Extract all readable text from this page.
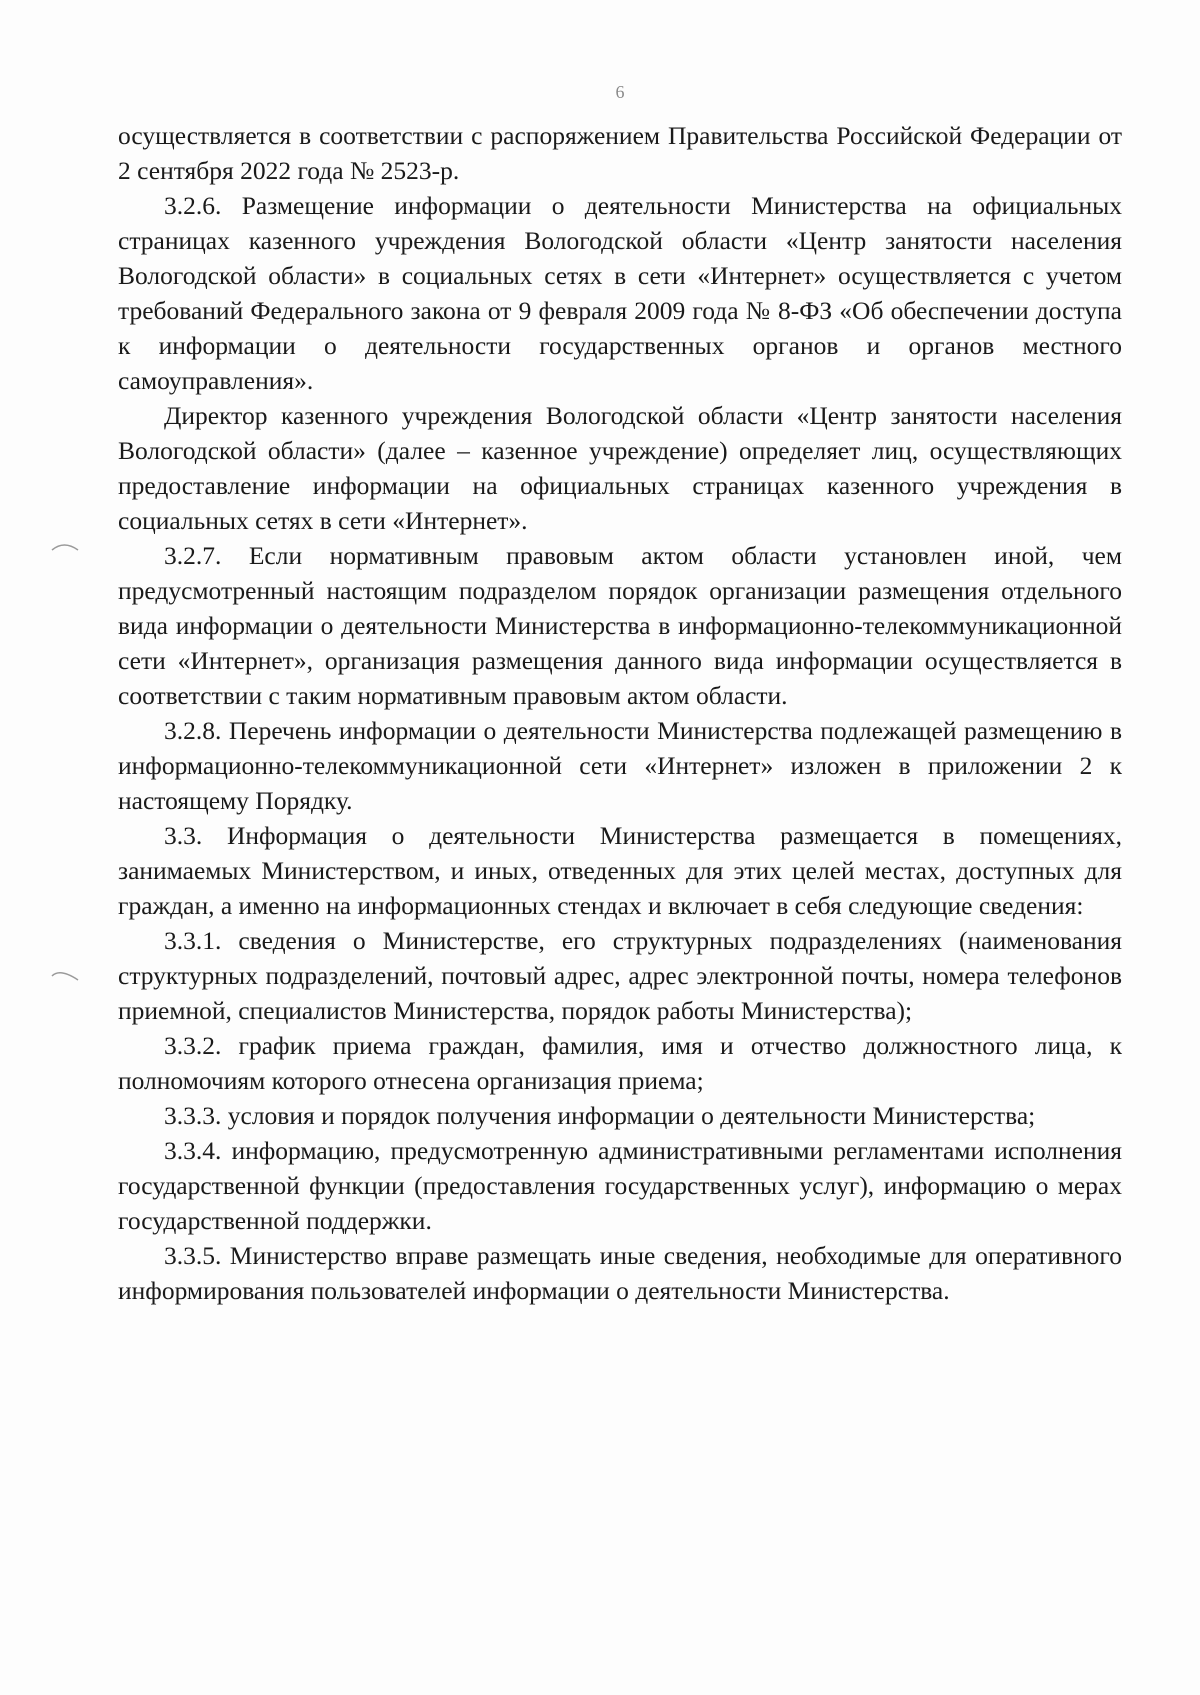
6

осуществляется в соответствии с распоряжением Правительства Российской Федерации от 2 сентября 2022 года № 2523-р.

3.2.6. Размещение информации о деятельности Министерства на официальных страницах казенного учреждения Вологодской области «Центр занятости населения Вологодской области» в социальных сетях в сети «Интернет» осуществляется с учетом требований Федерального закона от 9 февраля 2009 года № 8-ФЗ «Об обеспечении доступа к информации о деятельности государственных органов и органов местного самоуправления».

Директор казенного учреждения Вологодской области «Центр занятости населения Вологодской области» (далее – казенное учреждение) определяет лиц, осуществляющих предоставление информации на официальных страницах казенного учреждения в социальных сетях в сети «Интернет».

3.2.7. Если нормативным правовым актом области установлен иной, чем предусмотренный настоящим подразделом порядок организации размещения отдельного вида информации о деятельности Министерства в информационно-телекоммуникационной сети «Интернет», организация размещения данного вида информации осуществляется в соответствии с таким нормативным правовым актом области.

3.2.8. Перечень информации о деятельности Министерства подлежащей размещению в информационно-телекоммуникационной сети «Интернет» изложен в приложении 2 к настоящему Порядку.

3.3. Информация о деятельности Министерства размещается в помещениях, занимаемых Министерством, и иных, отведенных для этих целей местах, доступных для граждан, а именно на информационных стендах и включает в себя следующие сведения:

3.3.1. сведения о Министерстве, его структурных подразделениях (наименования структурных подразделений, почтовый адрес, адрес электронной почты, номера телефонов приемной, специалистов Министерства, порядок работы Министерства);

3.3.2. график приема граждан, фамилия, имя и отчество должностного лица, к полномочиям которого отнесена организация приема;

3.3.3. условия и порядок получения информации о деятельности Министерства;

3.3.4. информацию, предусмотренную административными регламентами исполнения государственной функции (предоставления государственных услуг), информацию о мерах государственной поддержки.

3.3.5. Министерство вправе размещать иные сведения, необходимые для оперативного информирования пользователей информации о деятельности Министерства.
